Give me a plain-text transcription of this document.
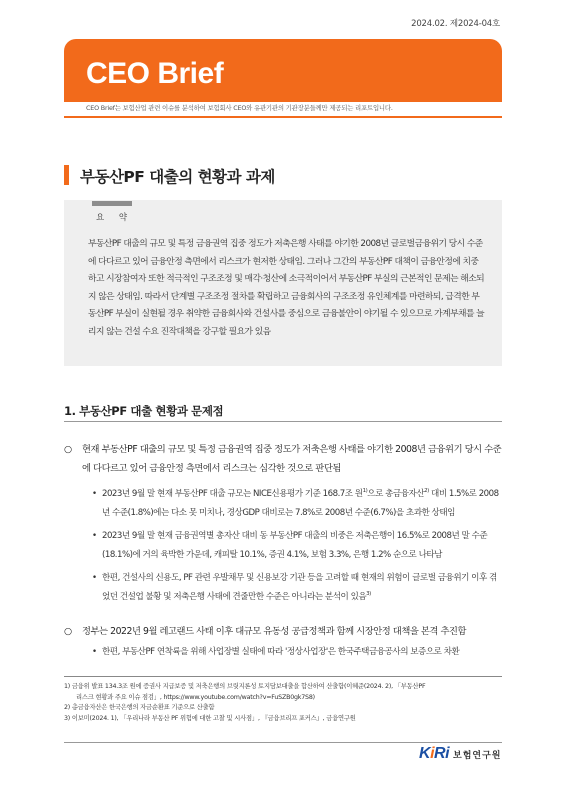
2024.02. 제2024-04호
CEO Brief
CEO Brief는 보험산업 관련 이슈를 분석하여 보험회사 CEO와 유관기관의 기관장분들께만 제공되는 리포트입니다.
부동산PF 대출의 현황과 과제
요 약
부동산PF 대출의 규모 및 특정 금융권역 집중 정도가 저축은행 사태를 야기한 2008년 글로벌금융위기 당시 수준에 다다르고 있어 금융안정 측면에서 리스크가 현저한 상태임. 그러나 그간의 부동산PF 대책이 금융안정에 치중하고 시장참여자 또한 적극적인 구조조정 및 매각·청산에 소극적이어서 부동산PF 부실의 근본적인 문제는 해소되지 않은 상태임. 따라서 단계별 구조조정 절차를 확립하고 금융회사의 구조조정 유인체계를 마련하되, 급격한 부동산PF 부실이 실현될 경우 취약한 금융회사와 건설사를 중심으로 금융불안이 야기될 수 있으므로 가계부채를 늘리지 않는 건설 수요 진작대책을 강구할 필요가 있음
1. 부동산PF 대출 현황과 문제점
○ 현재 부동산PF 대출의 규모 및 특정 금융권역 집중 정도가 저축은행 사태를 야기한 2008년 금융위기 당시 수준에 다다르고 있어 금융안정 측면에서 리스크는 심각한 것으로 판단됨
• 2023년 9월 말 현재 부동산PF 대출 규모는 NICE신용평가 기준 168.7조 원$^{1)}$으로 총금융자산$^{2)}$ 대비 1.5%로 2008년 수준(1.8%)에는 다소 못 미치나, 경상GDP 대비로는 7.8%로 2008년 수준(6.7%)을 초과한 상태임
• 2023년 9월 말 현재 금융권역별 총자산 대비 동 부동산PF 대출의 비중은 저축은행이 16.5%로 2008년 말 수준(18.1%)에 거의 육박한 가운데, 캐피탈 10.1%, 증권 4.1%, 보험 3.3%, 은행 1.2% 순으로 나타남
• 한편, 건설사의 신용도, PF 관련 우발채무 및 신용보강 기관 등을 고려할 때 현재의 위험이 글로벌 금융위기 이후 겪었던 건설업 불황 및 저축은행 사태에 견줄만한 수준은 아니라는 분석이 있음$^{3)}$
○ 정부는 2022년 9월 레고랜드 사태 이후 대규모 유동성 공급정책과 함께 시장안정 대책을 본격 추진함
• 한편, 부동산PF 연착륙을 위해 사업장별 실태에 따라 '정상사업장'은 한국주택금융공사의 보증으로 차환
1) 금융위 발표 134.3조 원에 증권사 지급보증 및 저축은행의 브릿지론성 토지담보대출을 합산하여 산출함(이혜준(2024. 2), 「부동산PF
리스크 현황과 주요 이슈 점검」, https://www.youtube.com/watch?v=FuSZB0gk7S8)
2) 총금융자산은 한국은행의 자금순환표 기준으로 산출함
3) 이보미(2024. 1), 「우리나라 부동산 PF 위험에 대한 고찰 및 시사점」, 『금융브리프 포커스』, 금융연구원
KiRi 보험연구원
